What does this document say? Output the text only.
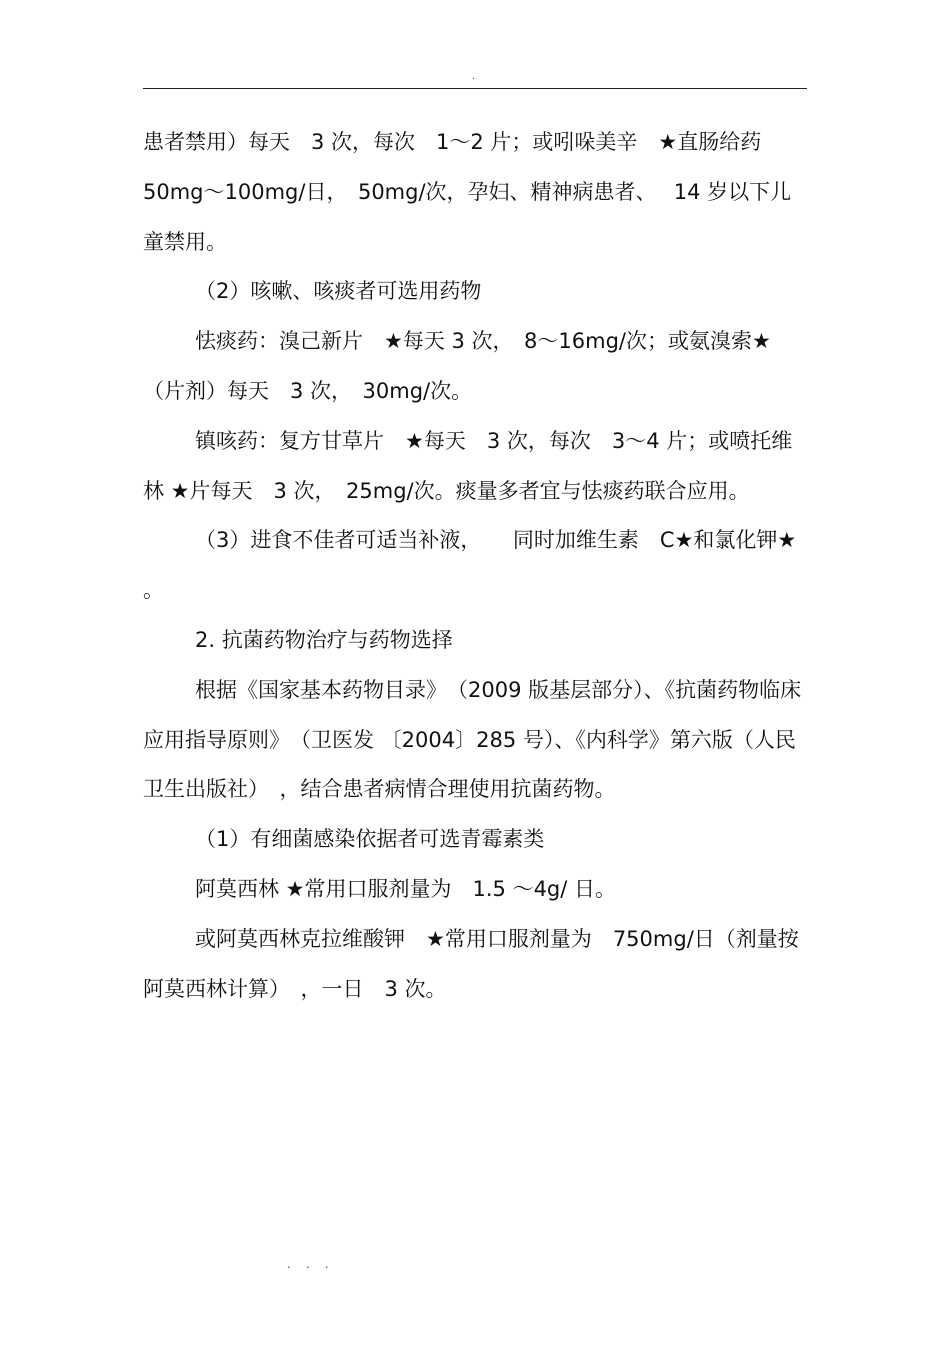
.

患者禁用）每天　3 次，每次　1～2 片；或吲哚美辛　★直肠给药 50mg～100mg/日，　50mg/次，孕妇、精神病患者、　 14 岁以下儿童禁用。

（2）咳嗽、咳痰者可选用药物

怯痰药：溴己新片　★每天 3 次，　8～16mg/次；或氨溴索★（片剂）每天　3 次，　30mg/次。

镇咳药：复方甘草片　★每天　3 次，每次　3～4 片；或喷托维林 ★片每天　3 次，　25mg/次。痰量多者宜与怯痰药联合应用。

（3）进食不佳者可适当补液，　　同时加维生素　C★和氯化钾★ 。

2. 抗菌药物治疗与药物选择

根据《国家基本药物目录》　（2009 版基层部分）、《抗菌药物临床应用指导原则》　（卫医发 〔2004〕285 号）、《内科学》第六版（人民卫生出版社）　，结合患者病情合理使用抗菌药物。

（1）有细菌感染依据者可选青霉素类

阿莫西林 ★常用口服剂量为　1.5 ～4g/ 日。

或阿莫西林克拉维酸钾　★常用口服剂量为　750mg/日（剂量按阿莫西林计算）　，一日　3 次。

. . .
